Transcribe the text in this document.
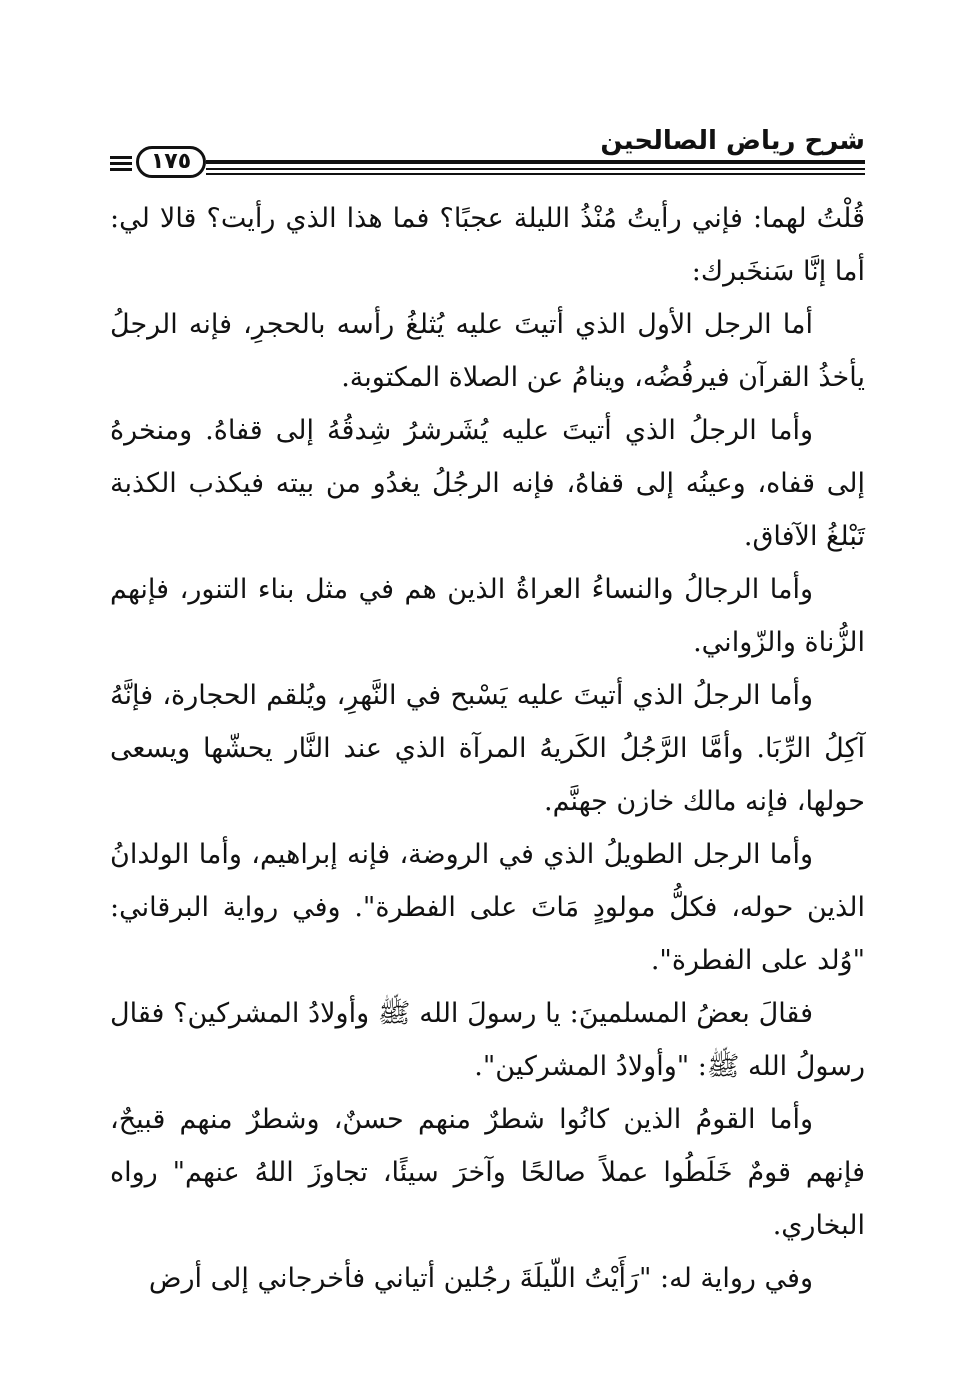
شرح رياض الصالحين
١٧٥

قُلْتُ لهما: فإني رأيتُ مُنْذُ الليلة عجبًا؟ فما هذا الذي رأيت؟ قالا لي: أما إنَّا سَنخَبرك:

أما الرجل الأول الذي أتيتَ عليه يُثلغُ رأسه بالحجرِ، فإنه الرجلُ يأخذُ القرآن فيرفُضُه، وينامُ عن الصلاة المكتوبة.

وأما الرجلُ الذي أتيتَ عليه يُشَرشرُ شِدقُهُ إلى قفاهُ. ومنخرهُ إلى قفاه، وعينُه إلى قفاهُ، فإنه الرجُلُ يغدُو من بيته فيكذب الكذبة تَبْلغُ الآفاق.

وأما الرجالُ والنساءُ العراةُ الذين هم في مثل بناء التنور، فإنهم الزُّناة والزّواني.

وأما الرجلُ الذي أتيتَ عليه يَسْبح في النَّهرِ، ويُلقم الحجارة، فإنَّهُ آكِلُ الرِّبَا. وأمَّا الرَّجُلُ الكَريهُ المرآة الذي عند النَّار يحشّها ويسعى حولها، فإنه مالك خازن جهنَّم.

وأما الرجل الطويلُ الذي في الروضة، فإنه إبراهيم، وأما الولدانُ الذين حوله، فكلُّ مولودٍ مَاتَ على الفطرة". وفي رواية البرقاني: "وُلد على الفطرة".

فقالَ بعضُ المسلمينَ: يا رسولَ الله ﷺ وأولادُ المشركين؟ فقال رسولُ الله ﷺ: "وأولادُ المشركين".

وأما القومُ الذين كانُوا شطرٌ منهم حسنٌ، وشطرٌ منهم قبيحٌ، فإنهم قومٌ خَلَطُوا عملاً صالحًا وآخرَ سيئًا، تجاوزَ اللهُ عنهم" رواه البخاري.

وفي رواية له: "رَأَيْتُ اللّيلَةَ رجُلين أتياني فأخرجاني إلى أرض
